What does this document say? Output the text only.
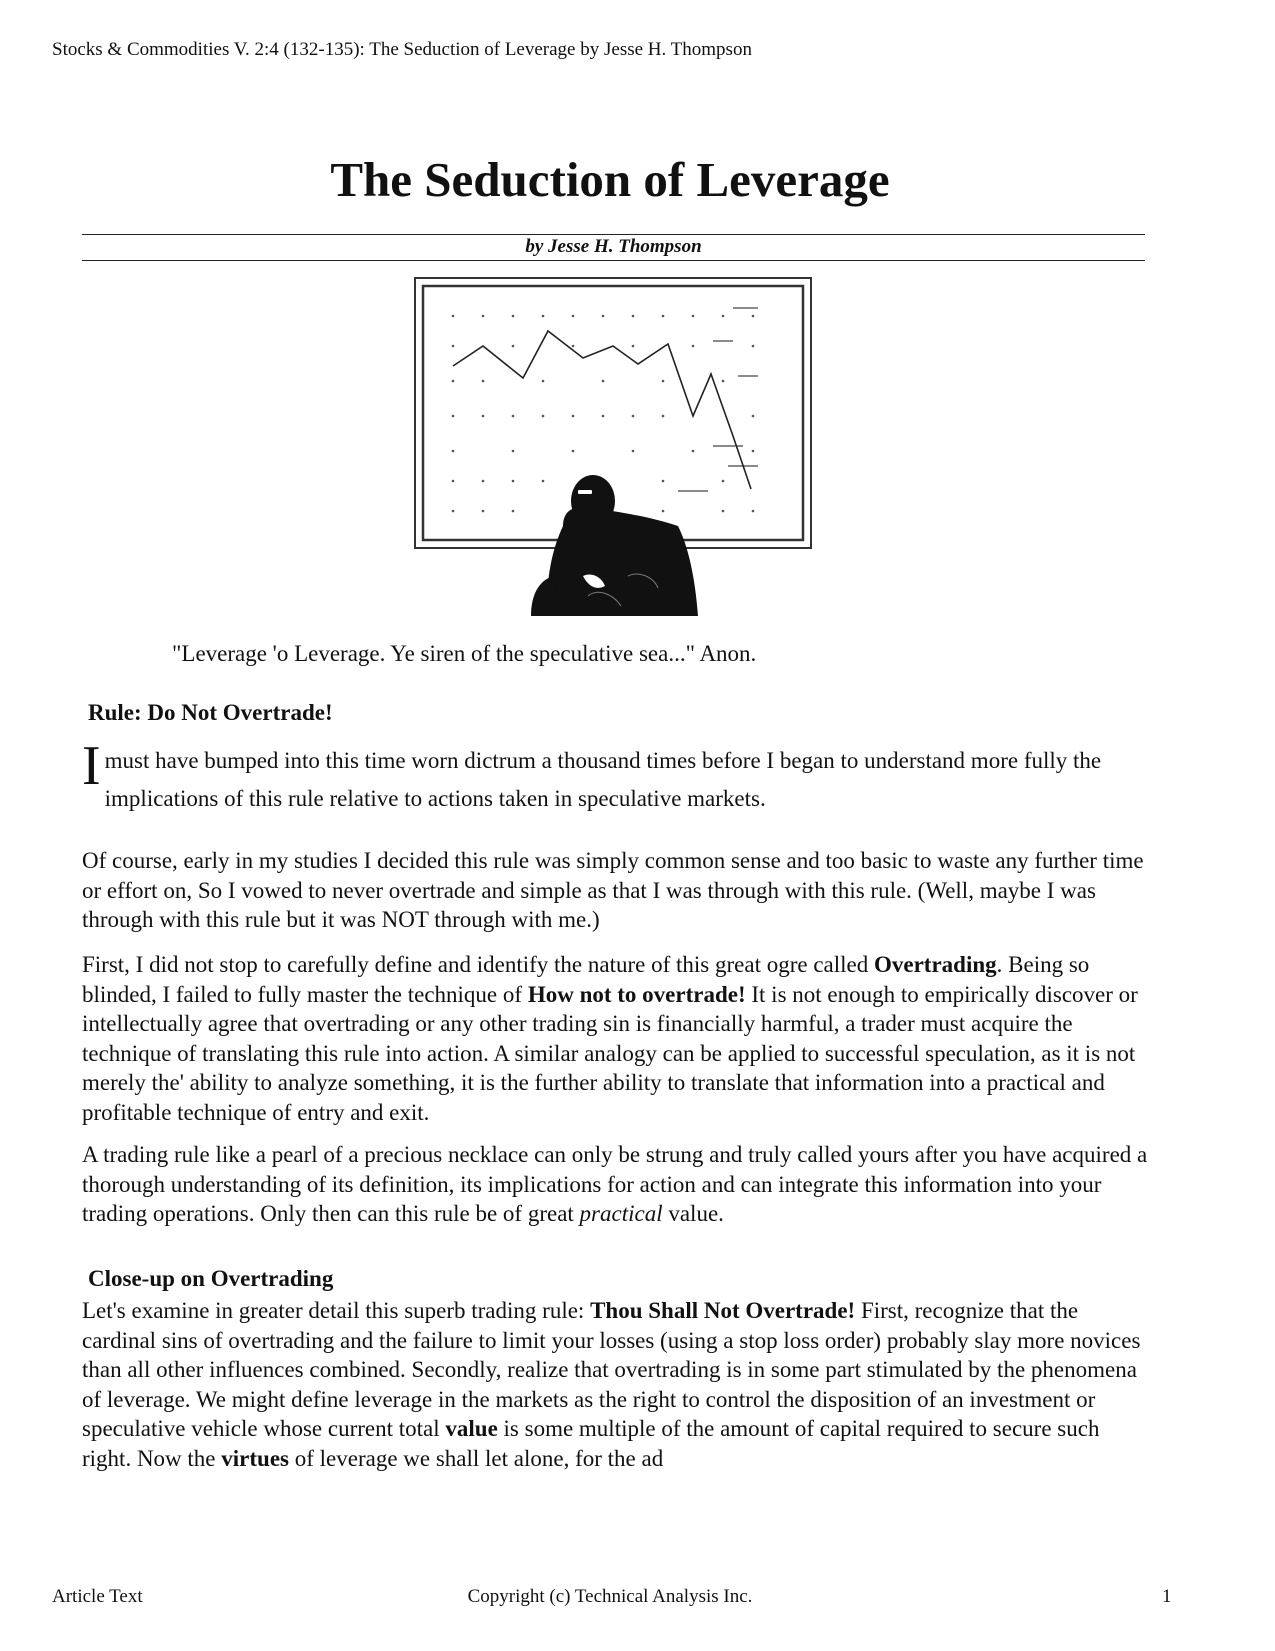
Stocks & Commodities V. 2:4 (132-135): The Seduction of Leverage by Jesse H. Thompson
The Seduction of Leverage
by Jesse H. Thompson
"Leverage 'o Leverage. Ye siren of the speculative sea..." Anon.
Rule: Do Not Overtrade!

I must have bumped into this time worn dictrum a thousand times before I began to understand more fully the implications of this rule relative to actions taken in speculative markets.

Of course, early in my studies I decided this rule was simply common sense and too basic to waste any further time or effort on, So I vowed to never overtrade and simple as that I was through with this rule. (Well, maybe I was through with this rule but it was NOT through with me.)

First, I did not stop to carefully define and identify the nature of this great ogre called Overtrading. Being so blinded, I failed to fully master the technique of How not to overtrade! It is not enough to empirically discover or intellectually agree that overtrading or any other trading sin is financially harmful, a trader must acquire the technique of translating this rule into action. A similar analogy can be applied to successful speculation, as it is not merely the' ability to analyze something, it is the further ability to translate that information into a practical and profitable technique of entry and exit.

A trading rule like a pearl of a precious necklace can only be strung and truly called yours after you have acquired a thorough understanding of its definition, its implications for action and can integrate this information into your trading operations. Only then can this rule be of great practical value.

Close-up on Overtrading

Let's examine in greater detail this superb trading rule: Thou Shall Not Overtrade! First, recognize that the cardinal sins of overtrading and the failure to limit your losses (using a stop loss order) probably slay more novices than all other influences combined. Secondly, realize that overtrading is in some part stimulated by the phenomena of leverage. We might define leverage in the markets as the right to control the disposition of an investment or speculative vehicle whose current total value is some multiple of the amount of capital required to secure such right. Now the virtues of leverage we shall let alone, for the ad

Article Text	Copyright (c) Technical Analysis Inc.	1
